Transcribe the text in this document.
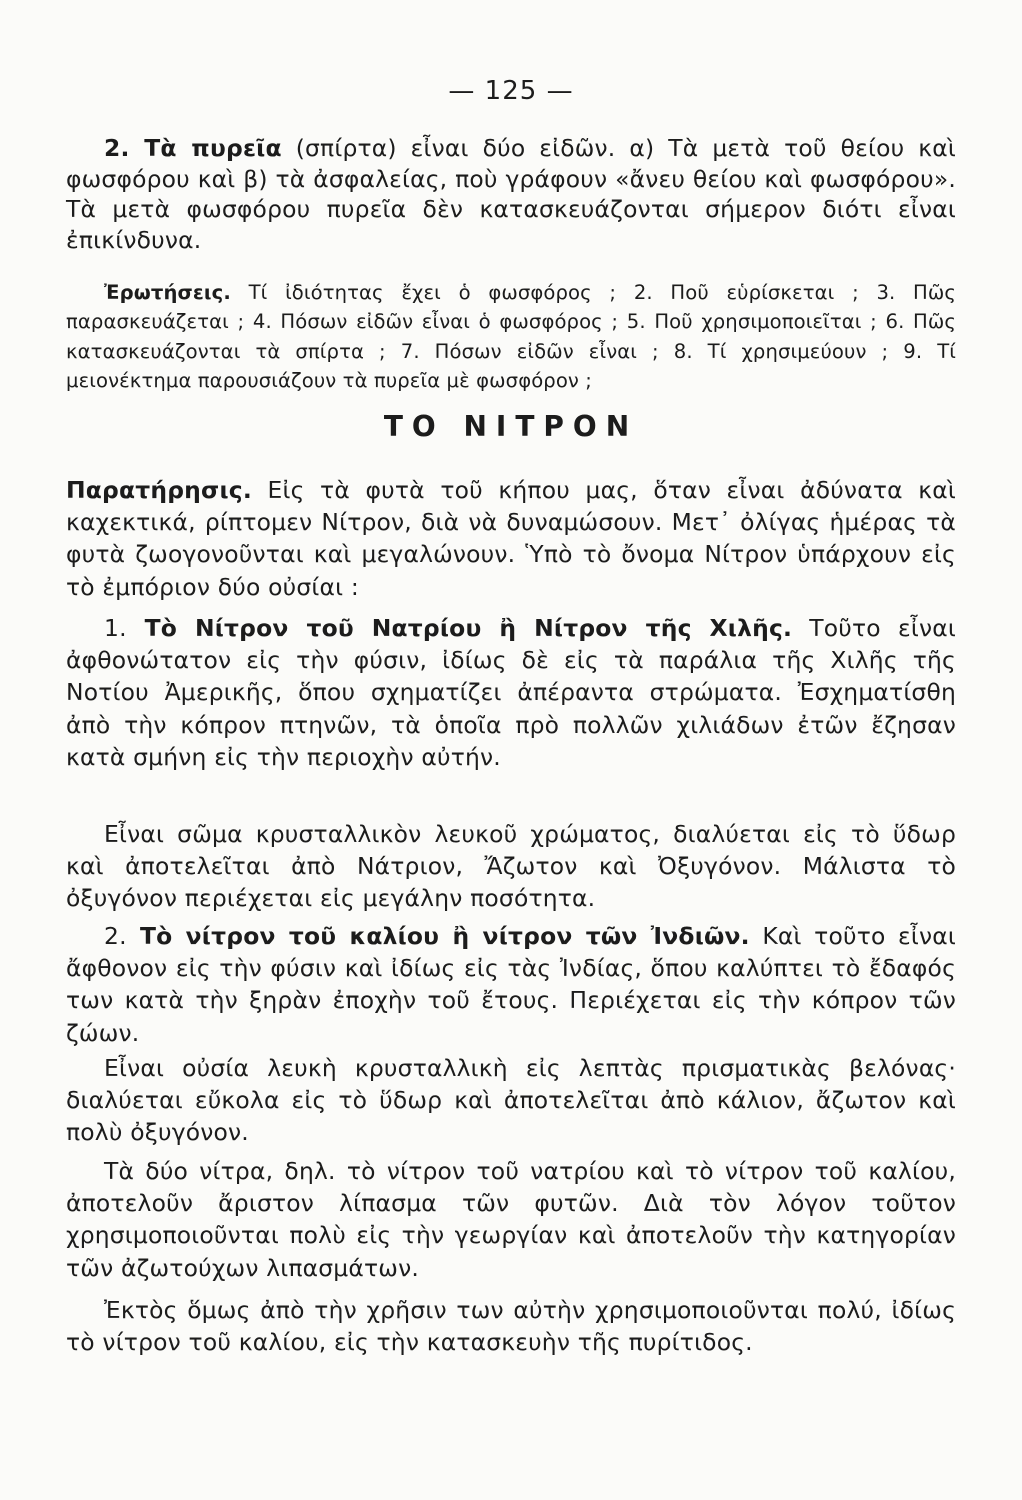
— 125 —

2. Τὰ πυρεῖα (σπίρτα) εἶναι δύο εἰδῶν. α) Τὰ μετὰ τοῦ θείου καὶ φωσφόρου καὶ β) τὰ ἀσφαλείας, ποὺ γράφουν «ἄνευ θείου καὶ φωσφόρου». Τὰ μετὰ φωσφόρου πυρεῖα δὲν κατασκευάζονται σήμερον διότι εἶναι ἐπικίνδυνα.

Ἐρωτήσεις. Τί ἰδιότητας ἔχει ὁ φωσφόρος ; 2. Ποῦ εὑρίσκεται ; 3. Πῶς παρασκευάζεται ; 4. Πόσων εἰδῶν εἶναι ὁ φωσφόρος ; 5. Ποῦ χρησιμοποιεῖται ; 6. Πῶς κατασκευάζονται τὰ σπίρτα ; 7. Πόσων εἰδῶν εἶναι ; 8. Τί χρησιμεύουν ; 9. Τί μειονέκτημα παρουσιάζουν τὰ πυρεῖα μὲ φωσφόρον ;

ΤΟ ΝΙΤΡΟΝ

Παρατήρησις. Εἰς τὰ φυτὰ τοῦ κήπου μας, ὅταν εἶναι ἀδύνατα καὶ καχεκτικά, ρίπτομεν Νίτρον, διὰ νὰ δυναμώσουν. Μετ᾽ ὀλίγας ἡμέρας τὰ φυτὰ ζωογονοῦνται καὶ μεγαλώνουν. Ὑπὸ τὸ ὄνομα Νίτρον ὑπάρχουν εἰς τὸ ἐμπόριον δύο οὐσίαι :

1. Τὸ Νίτρον τοῦ Νατρίου ἢ Νίτρον τῆς Χιλῆς. Τοῦτο εἶναι ἀφθονώτατον εἰς τὴν φύσιν, ἰδίως δὲ εἰς τὰ παράλια τῆς Χιλῆς τῆς Νοτίου Ἀμερικῆς, ὅπου σχηματίζει ἀπέραντα στρώματα. Ἐσχηματίσθη ἀπὸ τὴν κόπρον πτηνῶν, τὰ ὁποῖα πρὸ πολλῶν χιλιάδων ἐτῶν ἔζησαν κατὰ σμήνη εἰς τὴν περιοχὴν αὐτήν.

Εἶναι σῶμα κρυσταλλικὸν λευκοῦ χρώματος, διαλύεται εἰς τὸ ὕδωρ καὶ ἀποτελεῖται ἀπὸ Νάτριον, Ἄζωτον καὶ Ὀξυγόνον. Μάλιστα τὸ ὀξυγόνον περιέχεται εἰς μεγάλην ποσότητα.

2. Τὸ νίτρον τοῦ καλίου ἢ νίτρον τῶν Ἰνδιῶν. Καὶ τοῦτο εἶναι ἄφθονον εἰς τὴν φύσιν καὶ ἰδίως εἰς τὰς Ἰνδίας, ὅπου καλύπτει τὸ ἔδαφός των κατὰ τὴν ξηρὰν ἐποχὴν τοῦ ἔτους. Περιέχεται εἰς τὴν κόπρον τῶν ζώων.

Εἶναι οὐσία λευκὴ κρυσταλλικὴ εἰς λεπτὰς πρισματικὰς βελόνας· διαλύεται εὔκολα εἰς τὸ ὕδωρ καὶ ἀποτελεῖται ἀπὸ κάλιον, ἄζωτον καὶ πολὺ ὀξυγόνον.

Τὰ δύο νίτρα, δηλ. τὸ νίτρον τοῦ νατρίου καὶ τὸ νίτρον τοῦ καλίου, ἀποτελοῦν ἄριστον λίπασμα τῶν φυτῶν. Διὰ τὸν λόγον τοῦτον χρησιμοποιοῦνται πολὺ εἰς τὴν γεωργίαν καὶ ἀποτελοῦν τὴν κατηγορίαν τῶν ἀζωτούχων λιπασμάτων.

Ἐκτὸς ὅμως ἀπὸ τὴν χρῆσιν των αὐτὴν χρησιμοποιοῦνται πολύ, ἰδίως τὸ νίτρον τοῦ καλίου, εἰς τὴν κατασκευὴν τῆς πυρίτιδος.
